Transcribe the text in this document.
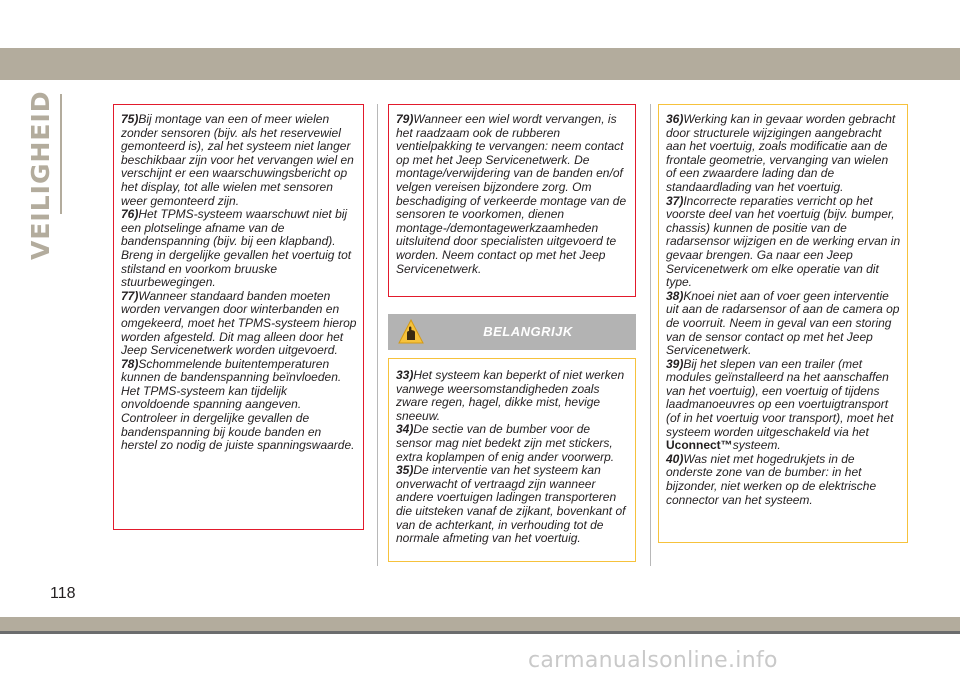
VEILIGHEID	75)Bij montage van een of meer wielen zonder sensoren (bijv. als het reservewiel gemonteerd is), zal het systeem niet langer beschikbaar zijn voor het vervangen wiel en verschijnt er een waarschuwingsbericht op het display, tot alle wielen met sensoren weer gemonteerd zijn.

76)Het TPMS-systeem waarschuwt niet bij een plotselinge afname van de bandenspanning (bijv. bij een klapband). Breng in dergelijke gevallen het voertuig tot stilstand en voorkom bruuske stuurbewegingen.

77)Wanneer standaard banden moeten worden vervangen door winterbanden en omgekeerd, moet het TPMS-systeem hierop worden afgesteld. Dit mag alleen door het Jeep Servicenetwerk worden uitgevoerd.

78)Schommelende buitentemperaturen kunnen de bandenspanning beïnvloeden. Het TPMS-systeem kan tijdelijk onvoldoende spanning aangeven. Controleer in dergelijke gevallen de bandenspanning bij koude banden en herstel zo nodig de juiste spanningswaarde.

79)Wanneer een wiel wordt vervangen, is het raadzaam ook de rubberen ventielpakking te vervangen: neem contact op met het Jeep Servicenetwerk. De montage/verwijdering van de banden en/of velgen vereisen bijzondere zorg. Om beschadiging of verkeerde montage van de sensoren te voorkomen, dienen montage-/demontagewerkzaamheden uitsluitend door specialisten uitgevoerd te worden. Neem contact op met het Jeep Servicenetwerk.

BELANGRIJK

33)Het systeem kan beperkt of niet werken vanwege weersomstandigheden zoals zware regen, hagel, dikke mist, hevige sneeuw.

34)De sectie van de bumber voor de sensor mag niet bedekt zijn met stickers, extra koplampen of enig ander voorwerp.

35)De interventie van het systeem kan onverwacht of vertraagd zijn wanneer andere voertuigen ladingen transporteren die uitsteken vanaf de zijkant, bovenkant of van de achterkant, in verhouding tot de normale afmeting van het voertuig.

36)Werking kan in gevaar worden gebracht door structurele wijzigingen aangebracht aan het voertuig, zoals modificatie aan de frontale geometrie, vervanging van wielen of een zwaardere lading dan de standaardlading van het voertuig.

37)Incorrecte reparaties verricht op het voorste deel van het voertuig (bijv. bumper, chassis) kunnen de positie van de radarsensor wijzigen en de werking ervan in gevaar brengen. Ga naar een Jeep Servicenetwerk om elke operatie van dit type.

38)Knoei niet aan of voer geen interventie uit aan de radarsensor of aan de camera op de voorruit. Neem in geval van een storing van de sensor contact op met het Jeep Servicenetwerk.

39)Bij het slepen van een trailer (met modules geïnstalleerd na het aanschaffen van het voertuig), een voertuig of tijdens laadmanoeuvres op een voertuigtransport (of in het voertuig voor transport), moet het systeem worden uitgeschakeld via het Uconnect™systeem.

40)Was niet met hogedrukjets in de onderste zone van de bumber: in het bijzonder, niet werken op de elektrische connector van het systeem.

118
carmanualsonline.info
